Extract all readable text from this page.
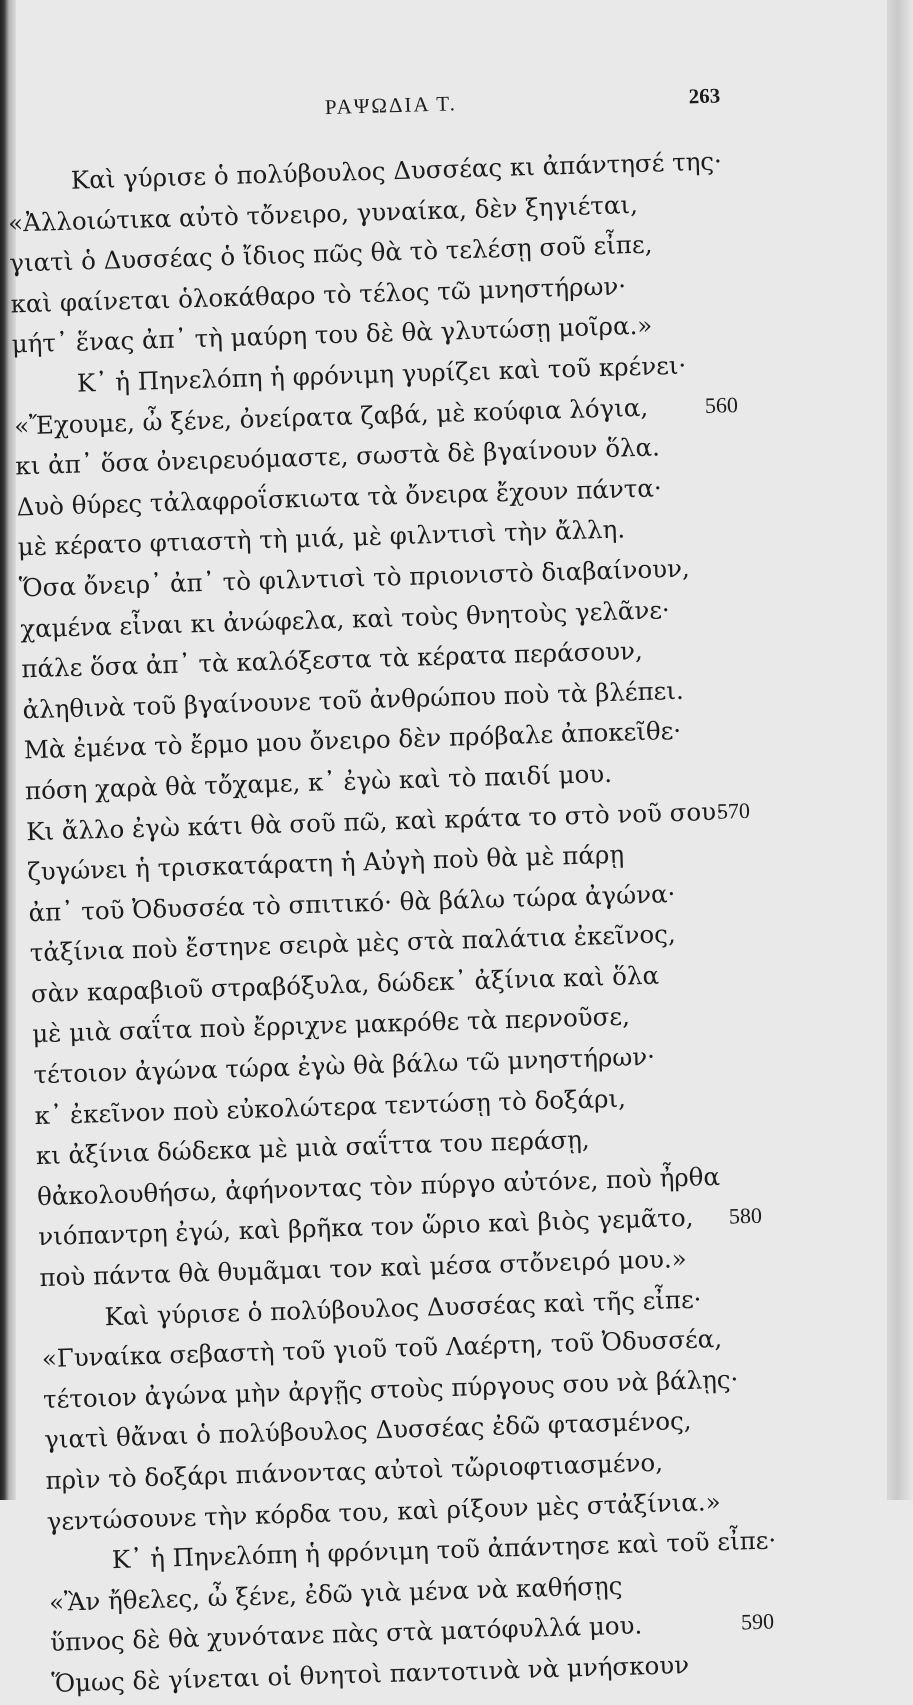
ΡΑΨΩΔΙΑ Τ.	263
Καὶ γύρισε ὁ πολύβουλος Δυσσέας κι ἀπάντησέ της·
«Ἀλλοιώτικα αὐτὸ τὄνειρο, γυναίκα, δὲν ξηγιέται,
γιατὶ ὁ Δυσσέας ὁ ἴδιος πῶς θὰ τὸ τελέσῃ σοῦ εἶπε,
καὶ φαίνεται ὁλοκάθαρο τὸ τέλος τῶ μνηστήρων·
μήτ᾽ ἕνας ἀπ᾽ τὴ μαύρη του δὲ θὰ γλυτώσῃ μοῖρα.»
Κ᾽ ἡ Πηνελόπη ἡ φρόνιμη γυρίζει καὶ τοῦ κρένει·
«Ἔχουμε, ὦ ξένε, ὀνείρατα ζαβά, μὲ κούφια λόγια,	560
κι ἀπ᾽ ὅσα ὀνειρευόμαστε, σωστὰ δὲ βγαίνουν ὅλα.
Δυὸ θύρες τἀλαφροΐσκιωτα τὰ ὄνειρα ἔχουν πάντα·
μὲ κέρατο φτιαστὴ τὴ μιά, μὲ φιλντισὶ τὴν ἄλλη.
Ὅσα ὄνειρ᾽ ἀπ᾽ τὸ φιλντισὶ τὸ πριονιστὸ διαβαίνουν,
χαμένα εἶναι κι ἀνώφελα, καὶ τοὺς θνητοὺς γελᾶνε·
πάλε ὅσα ἀπ᾽ τὰ καλόξεστα τὰ κέρατα περάσουν,
ἀληθινὰ τοῦ βγαίνουνε τοῦ ἀνθρώπου ποὺ τὰ βλέπει.
Μὰ ἐμένα τὸ ἔρμο μου ὄνειρο δὲν πρόβαλε ἀποκεῖθε·
πόση χαρὰ θὰ τὄχαμε, κ᾽ ἐγὼ καὶ τὸ παιδί μου.
Κι ἄλλο ἐγὼ κάτι θὰ σοῦ πῶ, καὶ κράτα το στὸ νοῦ σου·
570
ζυγώνει ἡ τρισκατάρατη ἡ Αὐγὴ ποὺ θὰ μὲ πάρῃ
ἀπ᾽ τοῦ Ὀδυσσέα τὸ σπιτικό· θὰ βάλω τώρα ἀγώνα·
τἀξίνια ποὺ ἔστηνε σειρὰ μὲς στὰ παλάτια ἐκεῖνος,
σὰν καραβιοῦ στραβόξυλα, δώδεκ᾽ ἀξίνια καὶ ὅλα
μὲ μιὰ σαΐτα ποὺ ἔρριχνε μακρόθε τὰ περνοῦσε,
τέτοιον ἀγώνα τώρα ἐγὼ θὰ βάλω τῶ μνηστήρων·
κ᾽ ἐκεῖνον ποὺ εὐκολώτερα τεντώσῃ τὸ δοξάρι,
κι ἀξίνια δώδεκα μὲ μιὰ σαΐττα του περάσῃ,
θἀκολουθήσω, ἀφήνοντας τὸν πύργο αὐτόνε, ποὺ ἦρθα
νιόπαντρη ἐγώ, καὶ βρῆκα τον ὥριο καὶ βιὸς γεμᾶτο, 580
ποὺ πάντα θὰ θυμᾶμαι τον καὶ μέσα στὄνειρό μου.»
Καὶ γύρισε ὁ πολύβουλος Δυσσέας καὶ τῆς εἶπε·
«Γυναίκα σεβαστὴ τοῦ γιοῦ τοῦ Λαέρτη, τοῦ Ὀδυσσέα,
τέτοιον ἀγώνα μὴν ἀργῇς στοὺς πύργους σου νὰ βάλῃς·
γιατὶ θἄναι ὁ πολύβουλος Δυσσέας ἐδῶ φτασμένος,
πρὶν τὸ δοξάρι πιάνοντας αὐτοὶ τὤριοφτιασμένο,
γεντώσουνε τὴν κόρδα του, καὶ ρίξουν μὲς στἀξίνια.»
Κ᾽ ἡ Πηνελόπη ἡ φρόνιμη τοῦ ἀπάντησε καὶ τοῦ εἶπε·
«Ἂν ἤθελες, ὦ ξένε, ἐδῶ γιὰ μένα νὰ καθήσῃς
ὕπνος δὲ θὰ χυνότανε πὰς στὰ ματόφυλλά μου.	590
Ὅμως δὲ γίνεται οἱ θνητοὶ παντοτινὰ νὰ μνήσκουν
